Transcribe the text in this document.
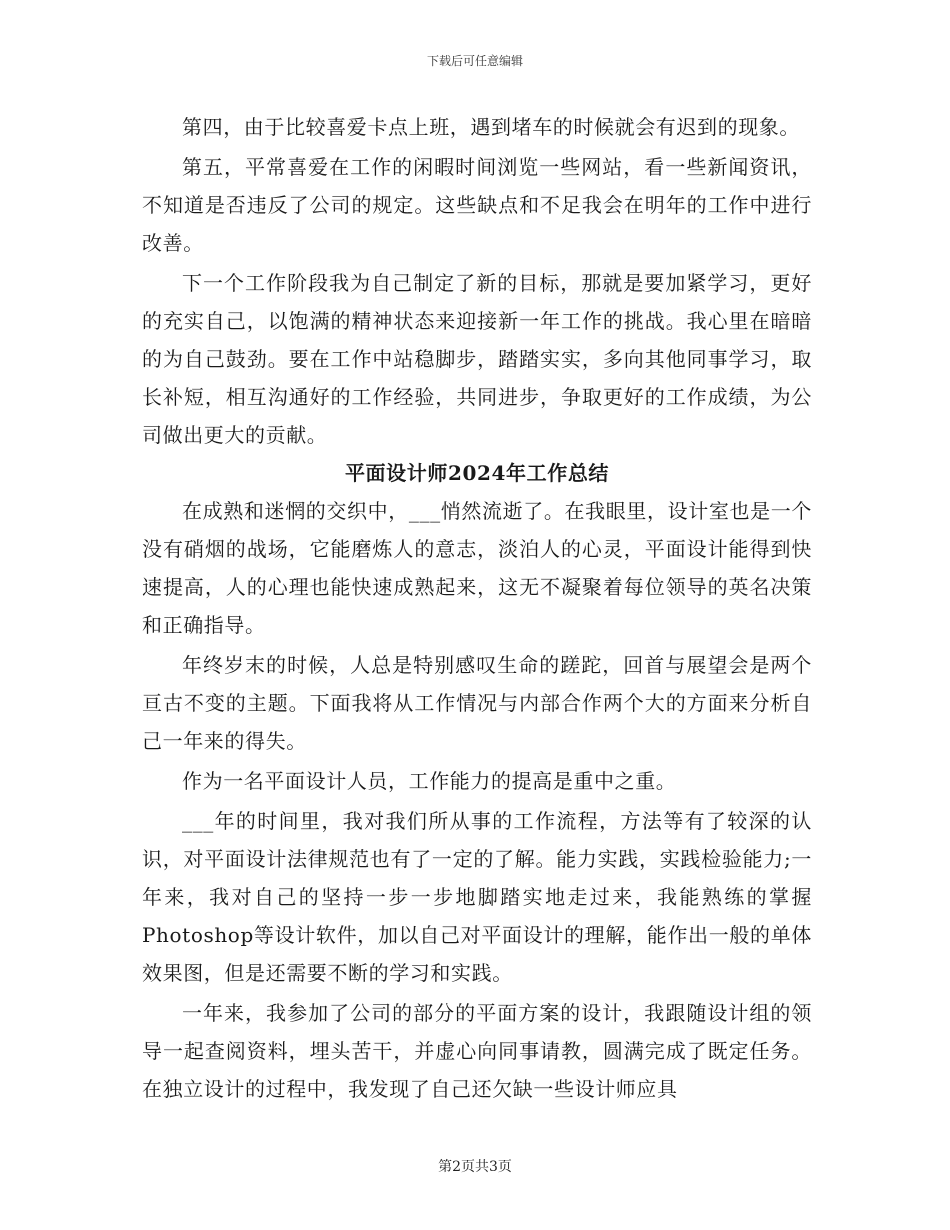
下载后可任意编辑

第四，由于比较喜爱卡点上班，遇到堵车的时候就会有迟到的现象。

第五，平常喜爱在工作的闲暇时间浏览一些网站，看一些新闻资讯，不知道是否违反了公司的规定。这些缺点和不足我会在明年的工作中进行改善。

下一个工作阶段我为自己制定了新的目标，那就是要加紧学习，更好的充实自己，以饱满的精神状态来迎接新一年工作的挑战。我心里在暗暗的为自己鼓劲。要在工作中站稳脚步，踏踏实实，多向其他同事学习，取长补短，相互沟通好的工作经验，共同进步，争取更好的工作成绩，为公司做出更大的贡献。

平面设计师2024年工作总结

在成熟和迷惘的交织中，___悄然流逝了。在我眼里，设计室也是一个没有硝烟的战场，它能磨炼人的意志，淡泊人的心灵，平面设计能得到快速提高，人的心理也能快速成熟起来，这无不凝聚着每位领导的英名决策和正确指导。

年终岁末的时候，人总是特别感叹生命的蹉跎，回首与展望会是两个亘古不变的主题。下面我将从工作情况与内部合作两个大的方面来分析自己一年来的得失。

作为一名平面设计人员，工作能力的提高是重中之重。

___年的时间里，我对我们所从事的工作流程，方法等有了较深的认识，对平面设计法律规范也有了一定的了解。能力实践，实践检验能力;一年来，我对自己的坚持一步一步地脚踏实地走过来，我能熟练的掌握Photoshop等设计软件，加以自己对平面设计的理解，能作出一般的单体效果图，但是还需要不断的学习和实践。

一年来，我参加了公司的部分的平面方案的设计，我跟随设计组的领导一起查阅资料，埋头苦干，并虚心向同事请教，圆满完成了既定任务。在独立设计的过程中，我发现了自己还欠缺一些设计师应具

第2页共3页
